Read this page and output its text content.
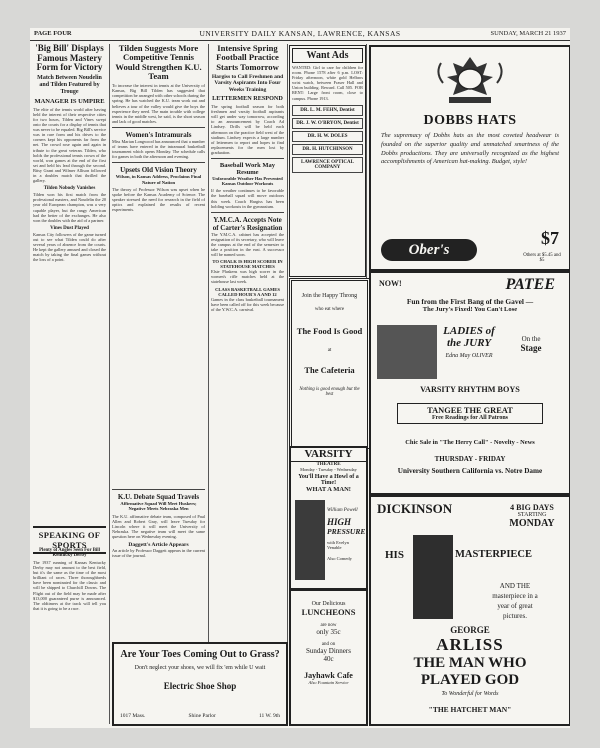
PAGE FOUR	UNIVERSITY DAILY KANSAN, LAWRENCE, KANSAS	SUNDAY, MARCH 21 1937
'Big Bill' Displays Famous Mastery Form for Victory
Match Between Noudelin and Tilden Featured by Trouge
MANAGER IS UMPIRE
The elite of the tennis world after having held the interest of their respective cities for two hours, Tilden and Vines swept onto the courts for a display of tennis that was never to be equaled. Big Bill's service was in rare form and his drives to the corners kept his opponents far from the net. The crowd rose again and again in tribute to the great veteran. Tilden, who holds the professional tennis crown of the world, won games at the end of the first set and held his lead through the second. Bitsy Grant and Wilmer Allison followed in a doubles match that thrilled the gallery.
Tilden Nobody Vanishes
Tilden won his first match from the professional masters, and Noudelin the 20 year old European champion, was a very capable player, but the rangy American had the better of the exchanges. He also won the doubles with the aid of a partner.
Vines Dust Played
Kansas City followers of the game turned out to see what Tilden could do after several years of absence from the courts. He kept the gallery amused and closed the match by taking the final games without the loss of a point.
SPEAKING OF SPORTS
Plenty of Angles Seen For Bill Kentucky Derby
The 1937 running of Kansas Kentucky Derby may not amount to the best field, but it's the same as the time of the most brilliant of races. Three thoroughbreds have been nominated for the classic and will be shipped to Churchill Downs. The Flight out of the field may be made after $13,000 guaranteed purse is announced. The oldtimers at the track will tell you that it is going to be a race.
Tilden Suggests More Competitive Tennis Would Strengthen K.U. Team
To increase the interest in tennis at the University of Kansas, Big Bill Tilden has suggested that competition be arranged with other schools during the spring. He has watched the K.U. team work out and believes a tour of the valley would give the boys the experience they need. The main trouble with college tennis in the middle west, he said, is the short season and lack of good matches.
Women's Intramurals
Miss Marian Longwood has announced that a number of teams have entered in the intramural basketball tournament which opens Monday. The schedule calls for games in both the afternoon and evening.
Upsets Old Vision Theory
Wilson, in Kansas Address, Proclaims Final Nature of Nation
The theory of Professor Wilson was upset when he spoke before the Kansas Academy of Science. The speaker stressed the need for research in the field of optics and explained the results of recent experiments.
K.U. Debate Squad Travels
Affirmative Squad Will Meet Huskers; Negative Meets Nebraska Men
The K.U. affirmative debate team, composed of Paul Allen and Robert Gray, will leave Tuesday for Lincoln where it will meet the University of Nebraska. The negative team will meet the same question here on Wednesday evening.
Daggett's Article Appears
An article by Professor Daggett appears in the current issue of the journal.
Intensive Spring Football Practice Starts Tomorrow
Hargiss to Call Freshmen and Varsity Aspirants Into Four Weeks Training
LETTERMEN RESPOND
The spring football season for both freshmen and varsity football aspirants will get under way tomorrow, according to an announcement by Coach Ad Lindsey. Drills will be held each afternoon on the practice field west of the stadium. Lindsey expects a large number of lettermen to report and hopes to find replacements for the men lost by graduation.
Baseball Work May Resume
Unfavorable Weather Has Prevented Kansas Outdoor Workouts
If the weather continues to be favorable the baseball squad will move outdoors this week. Coach Hargiss has been holding workouts in the gymnasium.
Y.M.C.A. Accepts Note of Carter's Resignation
The Y.M.C.A. cabinet has accepted the resignation of its secretary, who will leave the campus at the end of the semester to take a position in the east. A successor will be named soon.
TO CHALK IS HIGH SCORER IN STATEHOUSE MATCHES
Elsie Plaskens was high scorer in the women's rifle matches held at the statehouse last week.
CLASS BASKETBALL GAMES CALLED HOUR'S A AND 12
Games in the class basketball tournament have been called off for this week because of the Y.W.C.A. carnival.
Are Your Toes Coming Out to Grass?
Don't neglect your shoes, we will fix 'em while U wait
Electric Shoe Shop
1017 Mass.	Shine Parlor	11 W. 9th
Want Ads
WANTED: Girl to care for children for room. Phone 1578 after 6 p.m. LOST: Friday afternoon, white gold Helbros wrist watch, between Fraser Hall and Union building. Reward. Call 505. FOR RENT: Large front room, close to campus. Phone 1913.
DR. L. M. FEHN, Dentist
DR. J. W. O'BRYON, Dentist
DR. H. W. DOLES
DR. H. HUTCHINSON
LAWRENCE OPTICAL COMPANY
Join the Happy Throng
who eat where
The Food Is Good
at
The Cafeteria
Nothing is good enough but the best
VARSITY
THEATRE
Monday - Tuesday - Wednesday
You'll Have a Howl of a Time!
WHAT A MAN!
William Powell
HIGH
PRESSURE
with Evelyn Venable
Also Comedy
Our Delicious
LUNCHEONS
are now
only 35c
and on
Sunday Dinners
40c
Jayhawk Cafe
Also Fountain Service
DOBBS HATS
The supremacy of Dobbs hats as the most coveted headwear is founded on the superior quality and unmatched smartness of the Dobbs productions. They are universally recognized as the highest accomplishments of American hat-making. Budget, style!
Ober's
$7
Others at $5.45 and $5
NOW!	PATEE
Fun from the First Bang of the Gavel —
The Jury's Fixed! You Can't Lose
LADIES of the JURY
Edna May OLIVER
On the
Stage
VARSITY RHYTHM BOYS
TANGEE THE GREAT
Free Readings for All Patrons
Chic Sale in "The Herry Call" - Novelty - News
THURSDAY - FRIDAY
University Southern California vs. Notre Dame
DICKINSON	4 BIG DAYS
STARTING
MONDAY
HIS	MASTERPIECE
AND THE
masterpiece in a
year of great
pictures.
GEORGE
ARLISS
THE MAN WHO
PLAYED GOD
To Wonderful for Words
"THE HATCHET MAN"
